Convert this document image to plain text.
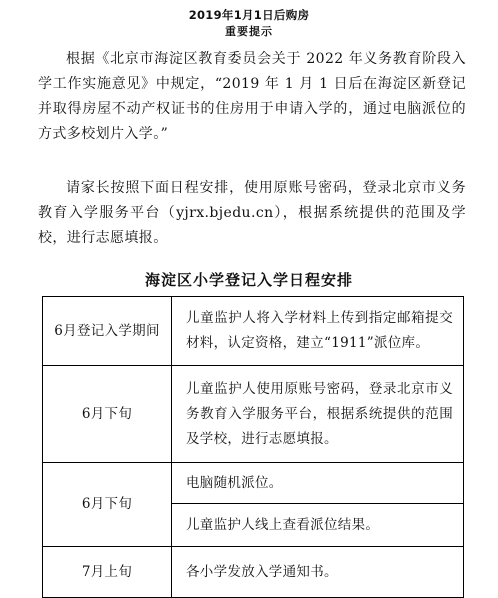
2019年1月1日后购房
重要提示

根据《北京市海淀区教育委员会关于 2022 年义务教育阶段入学工作实施意见》中规定，“2019 年 1 月 1 日后在海淀区新登记并取得房屋不动产权证书的住房用于申请入学的，通过电脑派位的方式多校划片入学。”

请家长按照下面日程安排，使用原账号密码，登录北京市义务教育入学服务平台（yjrx.bjedu.cn），根据系统提供的范围及学校，进行志愿填报。

海淀区小学登记入学日程安排
6月登记入学期间	儿童监护人将入学材料上传到指定邮箱提交材料，认定资格，建立“1911”派位库。
6月下旬	儿童监护人使用原账号密码，登录北京市义务教育入学服务平台，根据系统提供的范围及学校，进行志愿填报。
6月下旬	电脑随机派位。
	儿童监护人线上查看派位结果。
7月上旬	各小学发放入学通知书。
